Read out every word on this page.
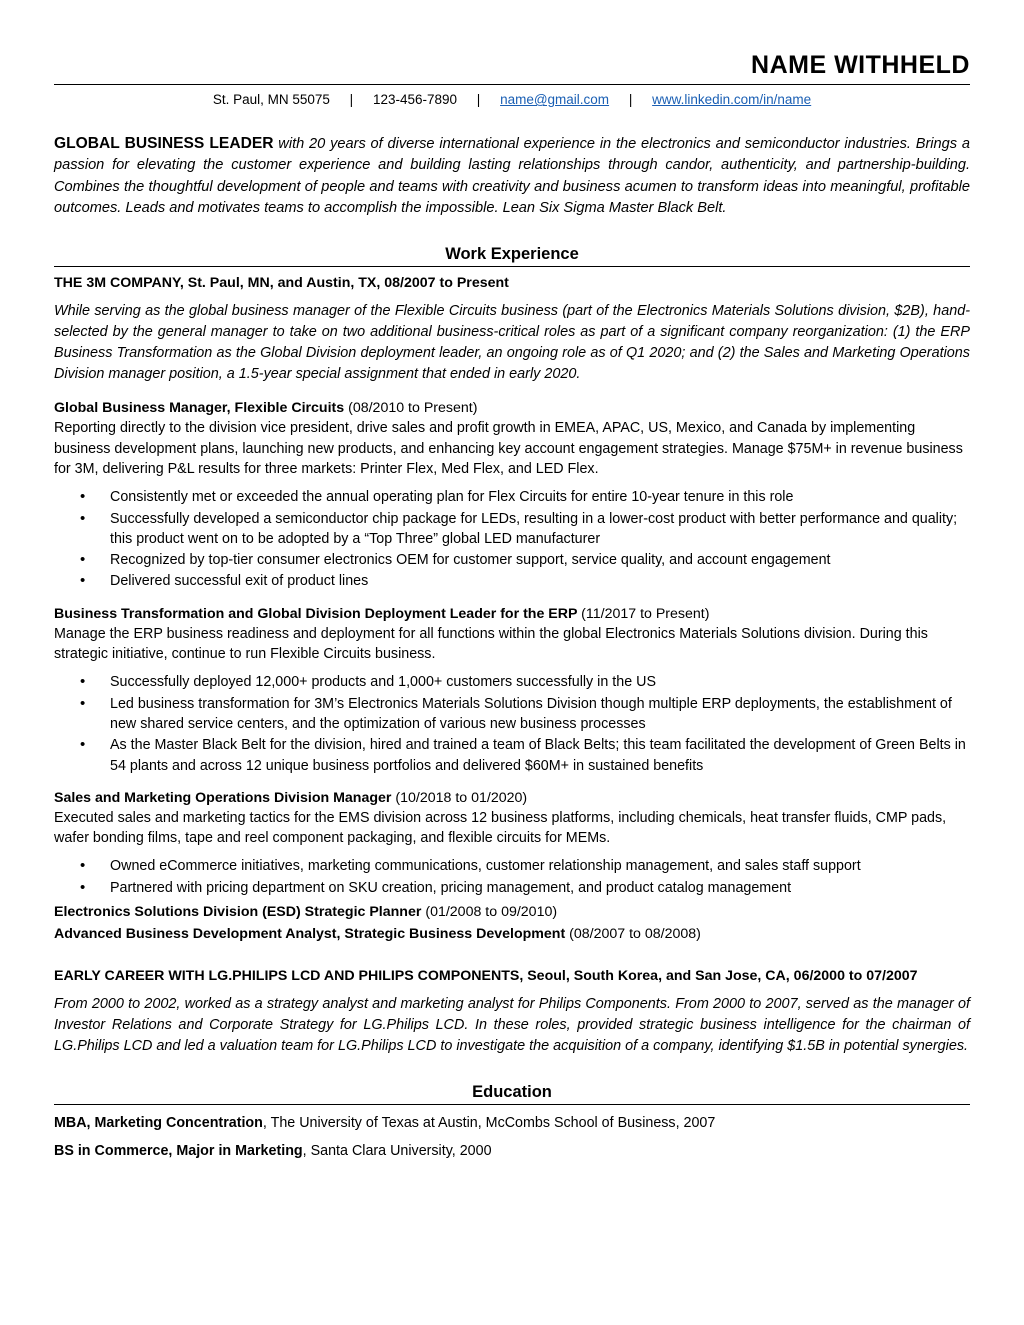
NAME WITHHELD
St. Paul, MN 55075 | 123-456-7890 | name@gmail.com | www.linkedin.com/in/name

GLOBAL BUSINESS LEADER with 20 years of diverse international experience in the electronics and semiconductor industries. Brings a passion for elevating the customer experience and building lasting relationships through candor, authenticity, and partnership-building. Combines the thoughtful development of people and teams with creativity and business acumen to transform ideas into meaningful, profitable outcomes. Leads and motivates teams to accomplish the impossible. Lean Six Sigma Master Black Belt.

Work Experience
THE 3M COMPANY, St. Paul, MN, and Austin, TX, 08/2007 to Present

While serving as the global business manager of the Flexible Circuits business (part of the Electronics Materials Solutions division, $2B), hand-selected by the general manager to take on two additional business-critical roles as part of a significant company reorganization: (1) the ERP Business Transformation as the Global Division deployment leader, an ongoing role as of Q1 2020; and (2) the Sales and Marketing Operations Division manager position, a 1.5-year special assignment that ended in early 2020.

Global Business Manager, Flexible Circuits (08/2010 to Present)

Reporting directly to the division vice president, drive sales and profit growth in EMEA, APAC, US, Mexico, and Canada by implementing business development plans, launching new products, and enhancing key account engagement strategies. Manage $75M+ in revenue business for 3M, delivering P&L results for three markets: Printer Flex, Med Flex, and LED Flex.

• Consistently met or exceeded the annual operating plan for Flex Circuits for entire 10-year tenure in this role
• Successfully developed a semiconductor chip package for LEDs, resulting in a lower-cost product with better performance and quality; this product went on to be adopted by a “Top Three” global LED manufacturer
• Recognized by top-tier consumer electronics OEM for customer support, service quality, and account engagement
• Delivered successful exit of product lines
Business Transformation and Global Division Deployment Leader for the ERP (11/2017 to Present)

Manage the ERP business readiness and deployment for all functions within the global Electronics Materials Solutions division. During this strategic initiative, continue to run Flexible Circuits business.

• Successfully deployed 12,000+ products and 1,000+ customers successfully in the US
• Led business transformation for 3M’s Electronics Materials Solutions Division though multiple ERP deployments, the establishment of new shared service centers, and the optimization of various new business processes
• As the Master Black Belt for the division, hired and trained a team of Black Belts; this team facilitated the development of Green Belts in 54 plants and across 12 unique business portfolios and delivered $60M+ in sustained benefits
Sales and Marketing Operations Division Manager (10/2018 to 01/2020)

Executed sales and marketing tactics for the EMS division across 12 business platforms, including chemicals, heat transfer fluids, CMP pads, wafer bonding films, tape and reel component packaging, and flexible circuits for MEMs.

• Owned eCommerce initiatives, marketing communications, customer relationship management, and sales staff support
• Partnered with pricing department on SKU creation, pricing management, and product catalog management
Electronics Solutions Division (ESD) Strategic Planner (01/2008 to 09/2010)
Advanced Business Development Analyst, Strategic Business Development (08/2007 to 08/2008)
EARLY CAREER WITH LG.PHILIPS LCD AND PHILIPS COMPONENTS, Seoul, South Korea, and San Jose, CA, 06/2000 to 07/2007

From 2000 to 2002, worked as a strategy analyst and marketing analyst for Philips Components. From 2000 to 2007, served as the manager of Investor Relations and Corporate Strategy for LG.Philips LCD. In these roles, provided strategic business intelligence for the chairman of LG.Philips LCD and led a valuation team for LG.Philips LCD to investigate the acquisition of a company, identifying $1.5B in potential synergies.

Education
MBA, Marketing Concentration, The University of Texas at Austin, McCombs School of Business, 2007
BS in Commerce, Major in Marketing, Santa Clara University, 2000
